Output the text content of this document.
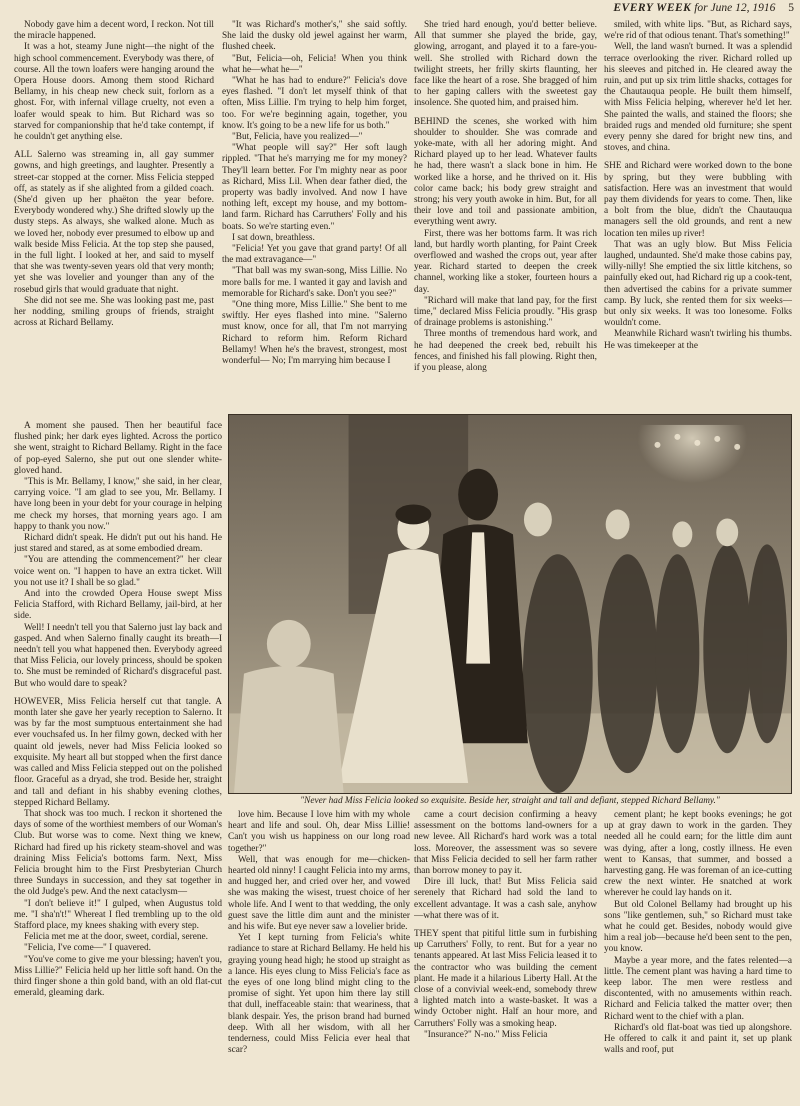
EVERY WEEK for June 12, 1916 5

Nobody gave him a decent word, I reckon. Not till the miracle happened.

It was a hot, steamy June night—the night of the high school commencement. Everybody was there, of course. All the town loafers were hanging around the Opera House doors. Among them stood Richard Bellamy, in his cheap new check suit, forlorn as a ghost. For, with infernal village cruelty, not even a loafer would speak to him. But Richard was so starved for companionship that he'd take contempt, if he couldn't get anything else.

ALL Salerno was streaming in, all gay summer gowns, and high greetings, and laughter. Presently a street-car stopped at the corner. Miss Felicia stepped off, as stately as if she alighted from a gilded coach. (She'd given up her phaëton the year before. Everybody wondered why.) She drifted slowly up the dusty steps. As always, she walked alone. Much as we loved her, nobody ever presumed to elbow up and walk beside Miss Felicia. At the top step she paused, in the full light. I looked at her, and said to myself that she was twenty-seven years old that very month; yet she was lovelier and younger than any of the rosebud girls that would graduate that night.

She did not see me. She was looking past me, past her nodding, smiling groups of friends, straight across at Richard Bellamy.

"It was Richard's mother's," she said softly. She laid the dusky old jewel against her warm, flushed cheek.

"But, Felicia—oh, Felicia! When you think what he—what he—"

"What he has had to endure?" Felicia's dove eyes flashed. "I don't let myself think of that often, Miss Lillie. I'm trying to help him forget, too. For we're beginning again, together, you know. It's going to be a new life for us both."

"But, Felicia, have you realized—"

"What people will say?" Her soft laugh rippled. "That he's marrying me for my money? They'll learn better. For I'm mighty near as poor as Richard, Miss Lil. When dear father died, the property was badly involved. And now I have nothing left, except my house, and my bottom-land farm. Richard has Carruthers' Folly and his boats. So we're starting even."

I sat down, breathless.

"Felicia! Yet you gave that grand party! Of all the mad extravagance—"

"That ball was my swan-song, Miss Lillie. No more balls for me. I wanted it gay and lavish and memorable for Richard's sake. Don't you see?"

"One thing more, Miss Lillie." She bent to me swiftly. Her eyes flashed into mine. "Salerno must know, once for all, that I'm not marrying Richard to reform him. Reform Richard Bellamy! When he's the bravest, strongest, most wonderful— No; I'm marrying him because I

She tried hard enough, you'd better believe. All that summer she played the bride, gay, glowing, arrogant, and played it to a fare-you-well. She strolled with Richard down the twilight streets, her frilly skirts flaunting, her face like the heart of a rose. She bragged of him to her gaping callers with the sweetest gay insolence. She quoted him, and praised him.

BEHIND the scenes, she worked with him shoulder to shoulder. She was comrade and yoke-mate, with all her adoring might. And Richard played up to her lead. Whatever faults he had, there wasn't a slack bone in him. He worked like a horse, and he thrived on it. His color came back; his body grew straight and strong; his very youth awoke in him. But, for all their love and toil and passionate ambition, everything went awry.

First, there was her bottoms farm. It was rich land, but hardly worth planting, for Paint Creek overflowed and washed the crops out, year after year. Richard started to deepen the creek channel, working like a stoker, fourteen hours a day.

"Richard will make that land pay, for the first time," declared Miss Felicia proudly. "His grasp of drainage problems is astonishing."

Three months of tremendous hard work, and he had deepened the creek bed, rebuilt his fences, and finished his fall plowing. Right then, if you please, along

smiled, with white lips. "But, as Richard says, we're rid of that odious tenant. That's something!"

Well, the land wasn't burned. It was a splendid terrace overlooking the river. Richard rolled up his sleeves and pitched in. He cleared away the ruin, and put up six trim little shacks, cottages for the Chautauqua people. He built them himself, with Miss Felicia helping, wherever he'd let her. She painted the walls, and stained the floors; she braided rugs and mended old furniture; she spent every penny she dared for bright new tins, and stoves, and china.

SHE and Richard were worked down to the bone by spring, but they were bubbling with satisfaction. Here was an investment that would pay them dividends for years to come. Then, like a bolt from the blue, didn't the Chautauqua managers sell the old grounds, and rent a new location ten miles up river!

That was an ugly blow. But Miss Felicia laughed, undaunted. She'd make those cabins pay, willy-nilly! She emptied the six little kitchens, so painfully eked out, had Richard rig up a cook-tent, then advertised the cabins for a private summer camp. By luck, she rented them for six weeks—but only six weeks. It was too lonesome. Folks wouldn't come.

Meanwhile Richard wasn't twirling his thumbs. He was timekeeper at the

A moment she paused. Then her beautiful face flushed pink; her dark eyes lighted. Across the portico she went, straight to Richard Bellamy. Right in the face of pop-eyed Salerno, she put out one slender white-gloved hand.

"This is Mr. Bellamy, I know," she said, in her clear, carrying voice. "I am glad to see you, Mr. Bellamy. I have long been in your debt for your courage in helping me check my horses, that morning years ago. I am happy to thank you now."

Richard didn't speak. He didn't put out his hand. He just stared and stared, as at some embodied dream.

"You are attending the commencement?" her clear voice went on. "I happen to have an extra ticket. Will you not use it? I shall be so glad."

And into the crowded Opera House swept Miss Felicia Stafford, with Richard Bellamy, jail-bird, at her side.

Well! I needn't tell you that Salerno just lay back and gasped. And when Salerno finally caught its breath—I needn't tell you what happened then. Everybody agreed that Miss Felicia, our lovely princess, should be spoken to. She must be reminded of Richard's disgraceful past. But who would dare to speak?

HOWEVER, Miss Felicia herself cut that tangle. A month later she gave her yearly reception to Salerno. It was by far the most sumptuous entertainment she had ever vouchsafed us. In her filmy gown, decked with her quaint old jewels, never had Miss Felicia looked so exquisite. My heart all but stopped when the first dance was called and Miss Felicia stepped out on the polished floor. Graceful as a dryad, she trod. Beside her, straight and tall and defiant in his shabby evening clothes, stepped Richard Bellamy.

That shock was too much. I reckon it shortened the days of some of the worthiest members of our Woman's Club. But worse was to come. Next thing we knew, Richard had fired up his rickety steam-shovel and was draining Miss Felicia's bottoms farm. Next, Miss Felicia brought him to the First Presbyterian Church three Sundays in succession, and they sat together in the old Judge's pew. And the next cataclysm—

"I don't believe it!" I gulped, when Augustus told me. "I sha'n't!" Whereat I fled trembling up to the old Stafford place, my knees shaking with every step.

Felicia met me at the door, sweet, cordial, serene.

"Felicia, I've come—" I quavered.

"You've come to give me your blessing; haven't you, Miss Lillie?" Felicia held up her little soft hand. On the third finger shone a thin gold band, with an old flat-cut emerald, gleaming dark.

"Never had Miss Felicia looked so exquisite. Beside her, straight and tall and defiant, stepped Richard Bellamy."

love him. Because I love him with my whole heart and life and soul. Oh, dear Miss Lillie! Can't you wish us happiness on our long road together?"

Well, that was enough for me—chicken-hearted old ninny! I caught Felicia into my arms, and hugged her, and cried over her, and vowed she was making the wisest, truest choice of her whole life. And I went to that wedding, the only guest save the little dim aunt and the minister and his wife. But eye never saw a lovelier bride.

Yet I kept turning from Felicia's white radiance to stare at Richard Bellamy. He held his graying young head high; he stood up straight as a lance. His eyes clung to Miss Felicia's face as the eyes of one long blind might cling to the promise of sight. Yet upon him there lay still that dull, ineffaceable stain: that weariness, that blank despair. Yes, the prison brand had burned deep. With all her wisdom, with all her tenderness, could Miss Felicia ever heal that scar?

came a court decision confirming a heavy assessment on the bottoms land-owners for a new levee. All Richard's hard work was a total loss. Moreover, the assessment was so severe that Miss Felicia decided to sell her farm rather than borrow money to pay it.

Dire ill luck, that! But Miss Felicia said serenely that Richard had sold the land to excellent advantage. It was a cash sale, anyhow—what there was of it.

THEY spent that pitiful little sum in furbishing up Carruthers' Folly, to rent. But for a year no tenants appeared. At last Miss Felicia leased it to the contractor who was building the cement plant. He made it a hilarious Liberty Hall. At the close of a convivial week-end, somebody threw a lighted match into a waste-basket. It was a windy October night. Half an hour more, and Carruthers' Folly was a smoking heap.

"Insurance?" N-no." Miss Felicia

cement plant; he kept books evenings; he got up at gray dawn to work in the garden. They needed all he could earn; for the little dim aunt was dying, after a long, costly illness. He even went to Kansas, that summer, and bossed a harvesting gang. He was foreman of an ice-cutting crew the next winter. He snatched at work wherever he could lay hands on it.

But old Colonel Bellamy had brought up his sons "like gentlemen, suh," so Richard must take what he could get. Besides, nobody would give him a real job—because he'd been sent to the pen, you know.

Maybe a year more, and the fates relented—a little. The cement plant was having a hard time to keep labor. The men were restless and discontented, with no amusements within reach. Richard and Felicia talked the matter over; then Richard went to the chief with a plan.

Richard's old flat-boat was tied up alongshore. He offered to calk it and paint it, set up plank walls and roof, put
